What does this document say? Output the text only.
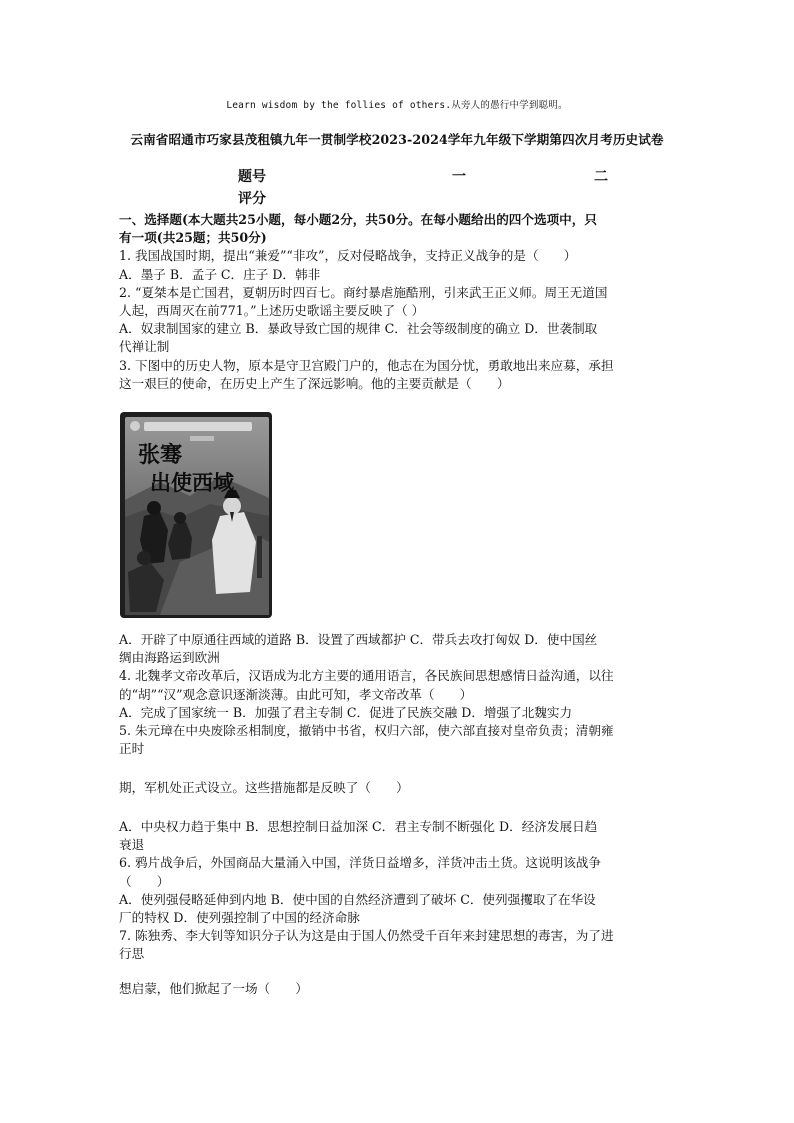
Learn wisdom by the follies of others.从旁人的愚行中学到聪明。
云南省昭通市巧家县茂租镇九年一贯制学校2023-2024学年九年级下学期第四次月考历史试卷
题号
评分
一	二

一、选择题(本大题共25小题，每小题2分，共50分。在每小题给出的四个选项中，只

有一项(共25题；共50分)

1. 我国战国时期，提出“兼爱”“非攻”，反对侵略战争，支持正义战争的是（　　）

A．墨子 B．孟子 C．庄子 D．韩非

2. “夏桀本是亡国君，夏朝历时四百七。商纣暴虐施酷刑，引来武王正义师。周王无道国

人起，西周灭在前771。”上述历史歌谣主要反映了（ ）

A．奴隶制国家的建立 B．暴政导致亡国的规律 C．社会等级制度的确立 D．世袭制取

代禅让制

3. 下图中的历史人物，原本是守卫宫殿门户的，他志在为国分忧，勇敢地出来应募，承担

这一艰巨的使命，在历史上产生了深远影响。他的主要贡献是（　　）

张骞
出使西域

A．开辟了中原通往西域的道路 B．设置了西域都护 C．带兵去攻打匈奴 D．使中国丝

绸由海路运到欧洲

4. 北魏孝文帝改革后，汉语成为北方主要的通用语言，各民族间思想感情日益沟通，以往

的“胡”“汉”观念意识逐渐淡薄。由此可知，孝文帝改革（　　）

A．完成了国家统一 B．加强了君主专制 C．促进了民族交融 D．增强了北魏实力

5. 朱元璋在中央废除丞相制度，撤销中书省，权归六部，使六部直接对皇帝负责；清朝雍

正时

期，军机处正式设立。这些措施都是反映了（　　）

A．中央权力趋于集中 B．思想控制日益加深 C．君主专制不断强化 D．经济发展日趋

衰退

6. 鸦片战争后，外国商品大量涌入中国，洋货日益增多，洋货冲击土货。这说明该战争

（　　）

A．使列强侵略延伸到内地 B．使中国的自然经济遭到了破坏 C．使列强攫取了在华设

厂的特权 D．使列强控制了中国的经济命脉

7. 陈独秀、李大钊等知识分子认为这是由于国人仍然受千百年来封建思想的毒害，为了进

行思

想启蒙，他们掀起了一场（　　）
